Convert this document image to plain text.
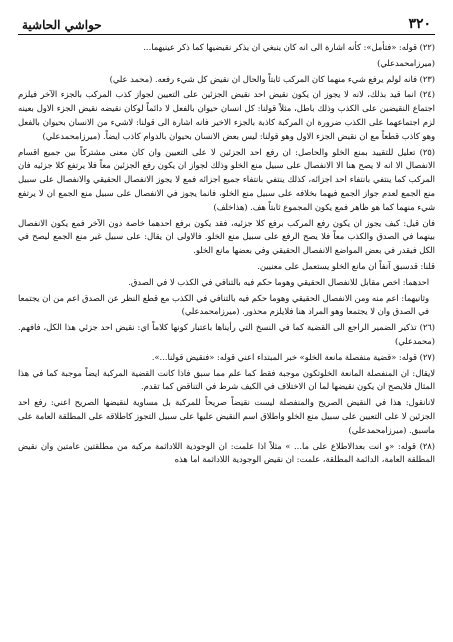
٣٢٠
حواشي الحاشية

(٢٢) قوله: «فتأمل»: كأنه اشارة الى انه كان ينبغي ان يذكر نقيضيها كما ذكر عينيهما...

(ميرزامحمدعلي)

(٢٣) فانه لولم يرفع شيء منهما كان المركب ثابتاً والحال ان نقيض كل شيء رفعه. (محمد علي)

(٢٤) انما قيد بذلك، لانه لا يجوز ان يكون نقيض احد نقيض الجزئين على التعيين لجواز كذب المركب بالجزء الآخر فيلزم اجتماع النقيضين على الكذب وذلك باطل، مثلاً قولنا: كل انسان حيوان بالفعل لا دائماً لوكان نقيضه نقيض الجزء الاول بعينه لزم اجتماعهما على الكذب ضرورة ان المركبة كاذبة بالجزء الاخير فانه اشارة الى قولنا: لاشيء من الانسان بحيوان بالفعل وهو كاذب قطعاً مع ان نقيض الجزء الاول وهو قولنا: ليس بعض الانسان بحيوان بالدوام كاذب ايضاً. (ميرزامحمدعلي)

(٢٥) تعليل للتقييد بمنع الخلو والحاصل: ان رفع احد الجزئين لا على التعيين وان كان معنى مشتركاً بين جميع اقسام الانفصال الا انه لا يصح هنا الا الانفصال على سبيل منع الخلو وذلك لجواز ان يكون رفع الجزئين معاً فلا يرتفع كلا جزئيه فان المركب كما ينتفي بانتفاء احد اجزائه، كذلك ينتفي بانتفاء جميع اجزائه فمع لا يجوز الانفصال الحقيقي والانفصال على سبيل منع الجمع لعدم جواز الجمع فيهما بخلافه على سبيل منع الخلو، فانما يجوز في الانفصال على سبيل منع الجمع ان لا يرتفع شيء منهما كما هو ظاهر فمع يكون المجموع ثابتاً هف. (هذاخلف)

فان قيل: كيف يجوز ان يكون رفع المركب برفع كلا جزئيه، فقد يكون برفع احدهما خاصة دون الآخر فمع يكون الانفصال بينهما في الصدق والكذب معاً فلا يصح الرفع على سبيل منع الخلو. فالاولى ان يقال: على سبيل غير منع الجمع ليصح في الكل فيقدر في بعض المواضع الانفصال الحقيقي وفي بعضها مانع الخلو.

قلنا: قدسبق آنفاً ان مانع الخلو يستعمل على معنيين.

احدهما: اخص مقابل للانفصال الحقيقي وهوما حكم فيه بالتنافي في الكذب لا في الصدق.

وثانيهما: اعم منه ومن الانفصال الحقيقي وهوما حكم فيه بالتنافي في الكذب مع قطع النظر عن الصدق اعم من ان يجتمعا في الصدق وان لا يجتمعا وهو المراد هنا فلايلزم محذور. (ميرزامحمدعلي)

(٢٦) تذكير الضمير الراجع الى القضية كما في النسخ التي رأيناها باعتبار كونها كلاماً اي: نقيض احد جزئي هذا الكل، فافهم. (محمدعلي)

(٢٧) قوله: «قضية منفصلة مانعة الخلو» خبر المبتداء اعني قوله: «فنقيض قولنا...».

لايقال: ان المنفصلة المانعة الخلوتكون موجبة فقط كما علم مما سبق فاذا كانت القضية المركبة ايضاً موجبة كما في هذا المثال فلايصح ان يكون نقيضها لما ان الاختلاف في الكيف شرط في التناقض كما تقدم.

لانانقول: هذا في النقيض الصريح والمنفصلة ليست نقيضاً صريحاً للمركبة بل مساوية لنقيضها الصريح اعني: رفع احد الجزئين لا على التعيين على سبيل منع الخلو واطلاق اسم النقيض عليها على سبيل التجوز كاطلاقه على المطلقة العامة على ماسبق. (ميرزامحمدعلي)

(٢٨) قوله: «و انت بعدالاطلاع على ما... » مثلاً اذا علمت: ان الوجودية اللاداثمة مركبة من مطلقتين عامتين وان نقيض المطلقة العامة، الدائمة المطلقة، علمت: ان نقيض الوجودية اللاداثمة اما هذه
